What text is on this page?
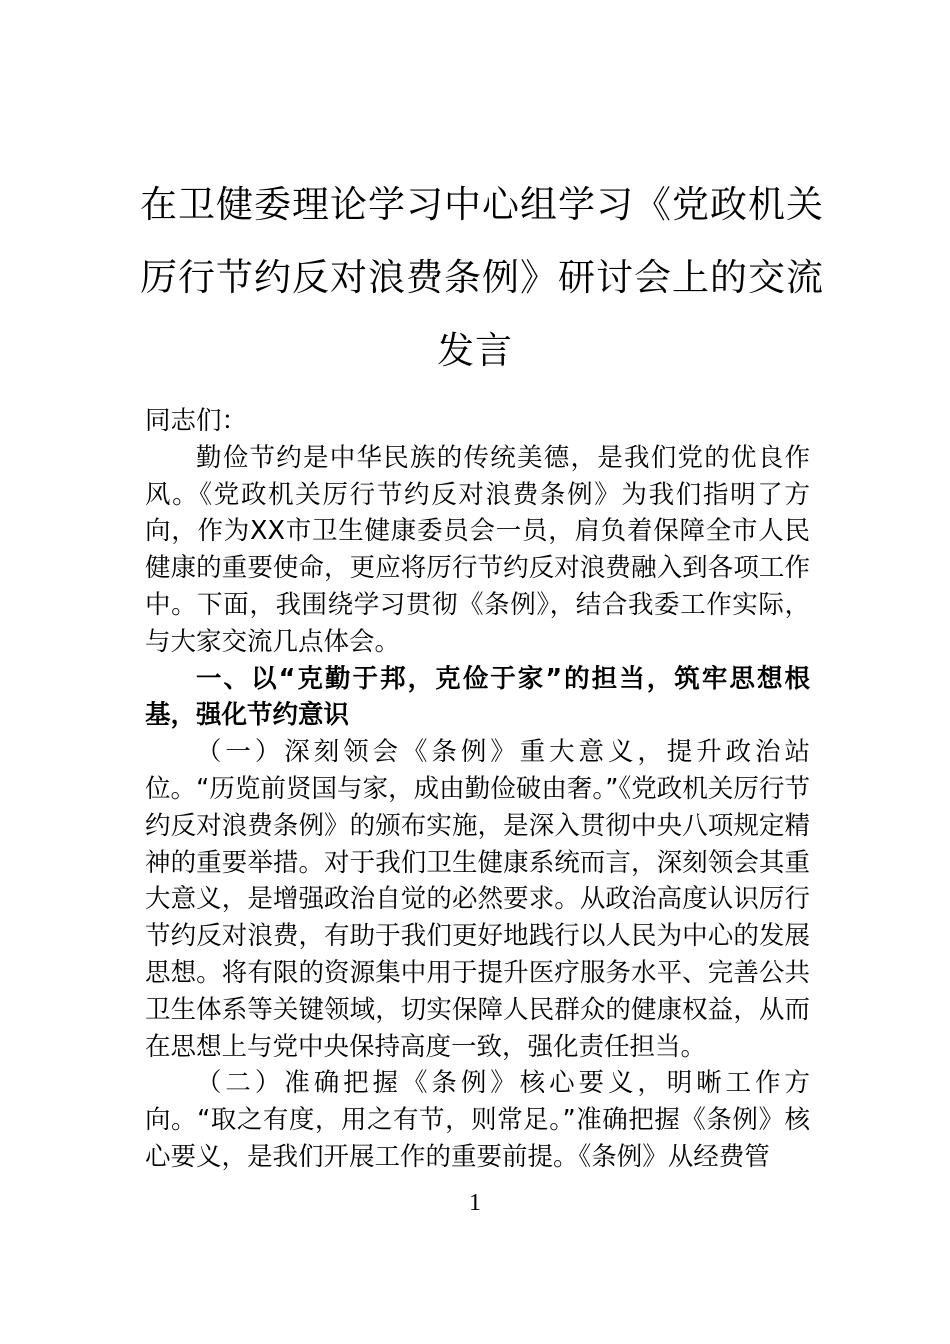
在卫健委理论学习中心组学习《党政机关
厉行节约反对浪费条例》研讨会上的交流
发言

同志们：

勤俭节约是中华民族的传统美德，是我们党的优良作风。《党政机关厉行节约反对浪费条例》为我们指明了方向，作为XX市卫生健康委员会一员，肩负着保障全市人民健康的重要使命，更应将厉行节约反对浪费融入到各项工作中。下面，我围绕学习贯彻《条例》，结合我委工作实际，与大家交流几点体会。

一、以“克勤于邦，克俭于家”的担当，筑牢思想根基，强化节约意识

（一）深刻领会《条例》重大意义，提升政治站位。“历览前贤国与家，成由勤俭破由奢。”《党政机关厉行节约反对浪费条例》的颁布实施，是深入贯彻中央八项规定精神的重要举措。对于我们卫生健康系统而言，深刻领会其重大意义，是增强政治自觉的必然要求。从政治高度认识厉行节约反对浪费，有助于我们更好地践行以人民为中心的发展思想。将有限的资源集中用于提升医疗服务水平、完善公共卫生体系等关键领域，切实保障人民群众的健康权益，从而在思想上与党中央保持高度一致，强化责任担当。

（二）准确把握《条例》核心要义，明晰工作方向。“取之有度，用之有节，则常足。”准确把握《条例》核心要义，是我们开展工作的重要前提。《条例》从经费管

1
